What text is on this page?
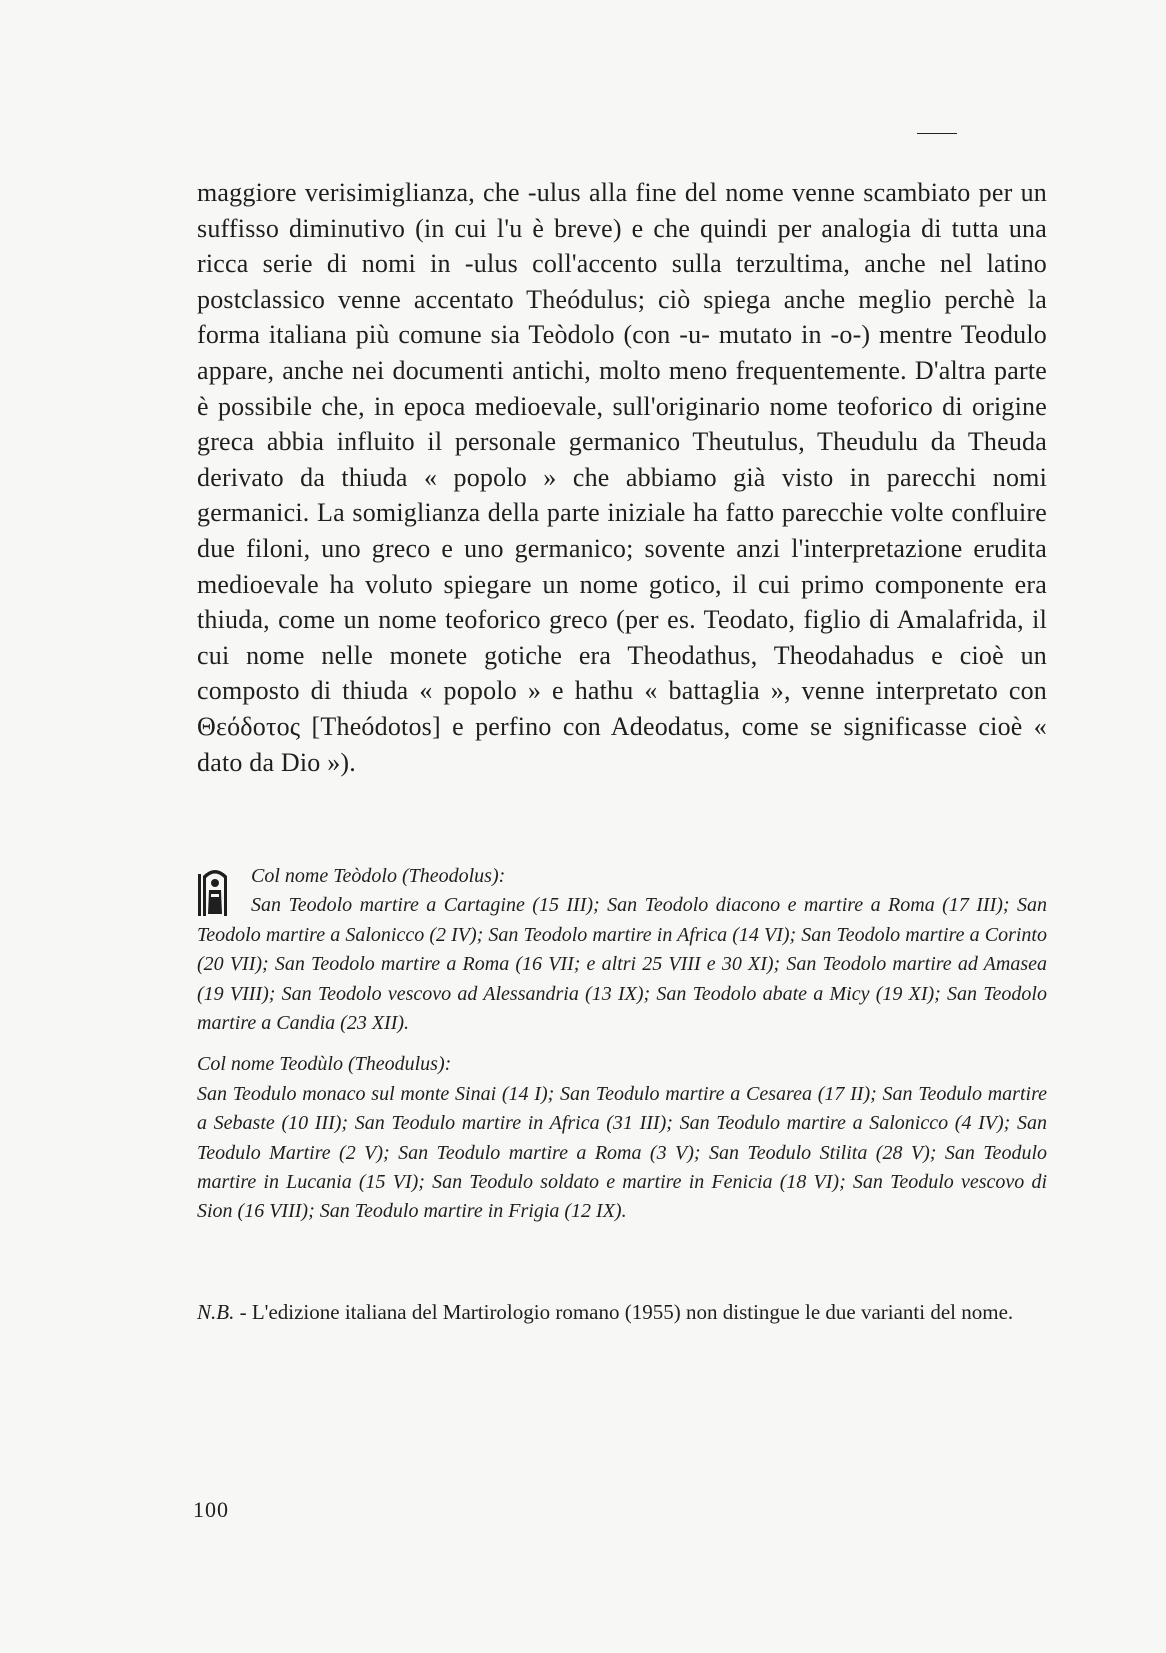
maggiore verisimiglianza, che -ulus alla fine del nome venne scambiato per un suffisso diminutivo (in cui l'u è breve) e che quindi per analogia di tutta una ricca serie di nomi in -ulus coll'accento sulla terzultima, anche nel latino postclassico venne accentato Theódulus; ciò spiega anche meglio perchè la forma italiana più comune sia Teòdolo (con -u- mutato in -o-) mentre Teodulo appare, anche nei documenti antichi, molto meno frequentemente. D'altra parte è possibile che, in epoca medioevale, sull'originario nome teoforico di origine greca abbia influito il personale germanico Theutulus, Theudulu da Theuda derivato da thiuda « popolo » che abbiamo già visto in parecchi nomi germanici. La somiglianza della parte iniziale ha fatto parecchie volte confluire due filoni, uno greco e uno germanico; sovente anzi l'interpretazione erudita medioevale ha voluto spiegare un nome gotico, il cui primo componente era thiuda, come un nome teoforico greco (per es. Teodato, figlio di Amalafrida, il cui nome nelle monete gotiche era Theodathus, Theodahadus e cioè un composto di thiuda « popolo » e hathu « battaglia », venne interpretato con Θεόδοτος [Theódotos] e perfino con Adeodatus, come se significasse cioè « dato da Dio »).

Col nome Teòdolo (Theodolus):
San Teodolo martire a Cartagine (15 III); San Teodolo diacono e martire a Roma (17 III); San Teodolo martire a Salonicco (2 IV); San Teodolo martire in Africa (14 VI); San Teodolo martire a Corinto (20 VII); San Teodolo martire a Roma (16 VII; e altri 25 VIII e 30 XI); San Teodolo martire ad Amasea (19 VIII); San Teodolo vescovo ad Alessandria (13 IX); San Teodolo abate a Micy (19 XI); San Teodolo martire a Candia (23 XII).
Col nome Teodùlo (Theodulus):
San Teodulo monaco sul monte Sinai (14 I); San Teodulo martire a Cesarea (17 II); San Teodulo martire a Sebaste (10 III); San Teodulo martire in Africa (31 III); San Teodulo martire a Salonicco (4 IV); San Teodulo Martire (2 V); San Teodulo martire a Roma (3 V); San Teodulo Stilita (28 V); San Teodulo martire in Lucania (15 VI); San Teodulo soldato e martire in Fenicia (18 VI); San Teodulo vescovo di Sion (16 VIII); San Teodulo martire in Frigia (12 IX).
N.B. - L'edizione italiana del Martirologio romano (1955) non distingue le due varianti del nome.
100
